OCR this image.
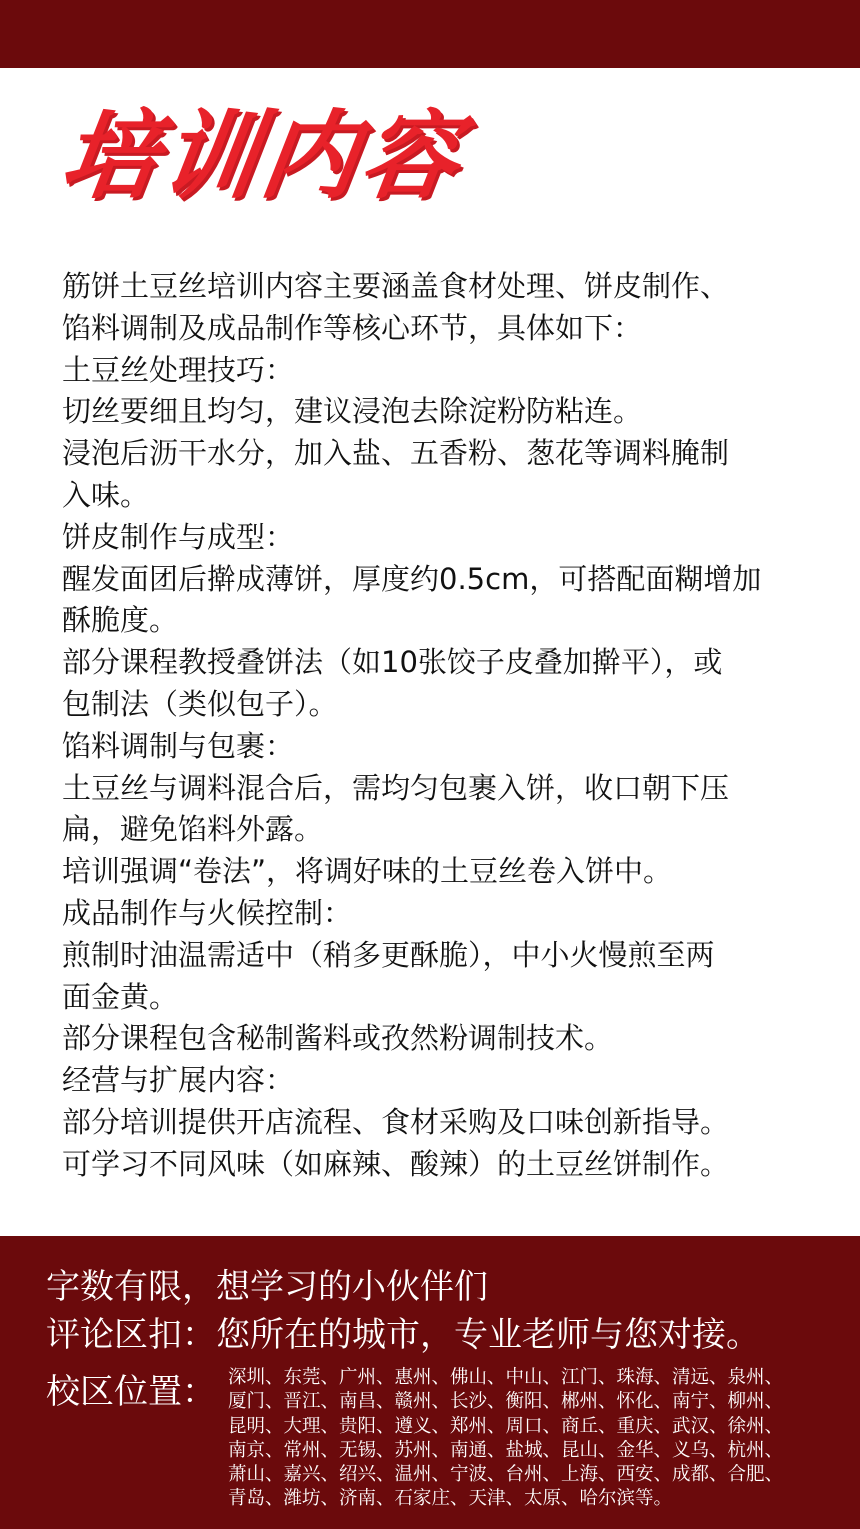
培训内容
筋饼土豆丝培训内容主要涵盖食材处理、饼皮制作、
馅料调制及成品制作等核心环节，具体如下：
土豆丝处理技巧：
切丝要细且均匀，建议浸泡去除淀粉防粘连。
浸泡后沥干水分，加入盐、五香粉、葱花等调料腌制
入味。
饼皮制作与成型：
醒发面团后擀成薄饼，厚度约0.5cm，可搭配面糊增加
酥脆度。
部分课程教授叠饼法（如10张饺子皮叠加擀平），或
包制法（类似包子）。
馅料调制与包裹：
土豆丝与调料混合后，需均匀包裹入饼，收口朝下压
扁，避免馅料外露。
培训强调“卷法”，将调好味的土豆丝卷入饼中。
成品制作与火候控制：
煎制时油温需适中（稍多更酥脆），中小火慢煎至两
面金黄。
部分课程包含秘制酱料或孜然粉调制技术。
经营与扩展内容：
部分培训提供开店流程、食材采购及口味创新指导。
可学习不同风味（如麻辣、酸辣）的土豆丝饼制作。
字数有限，想学习的小伙伴们
评论区扣：您所在的城市，专业老师与您对接。
校区位置： 深圳、东莞、广州、惠州、佛山、中山、江门、珠海、清远、泉州、
厦门、晋江、南昌、赣州、长沙、衡阳、郴州、怀化、南宁、柳州、
昆明、大理、贵阳、遵义、郑州、周口、商丘、重庆、武汉、徐州、
南京、常州、无锡、苏州、南通、盐城、昆山、金华、义乌、杭州、
萧山、嘉兴、绍兴、温州、宁波、台州、上海、西安、成都、合肥、
青岛、潍坊、济南、石家庄、天津、太原、哈尔滨等。
